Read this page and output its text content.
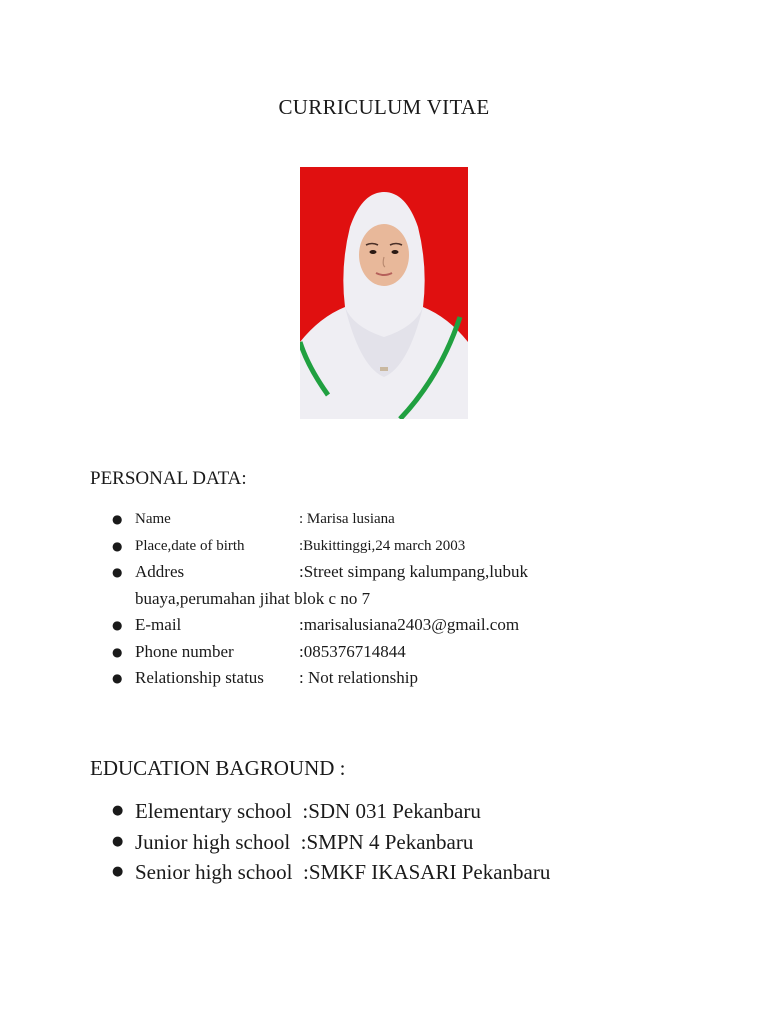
CURRICULUM VITAE
PERSONAL DATA:
● Name	: Marisa lusiana
● Place,date of birth	:Bukittinggi,24 march 2003
● Addres	:Street simpang kalumpang,lubuk
buaya,perumahan jihat blok c no 7
● E-mail	:marisalusiana2403@gmail.com
● Phone number	:085376714844
● Relationship status : Not relationship
EDUCATION BAGROUND :
● Elementary school :SDN 031 Pekanbaru
● Junior high school :SMPN 4 Pekanbaru
● Senior high school :SMKF IKASARI Pekanbaru
